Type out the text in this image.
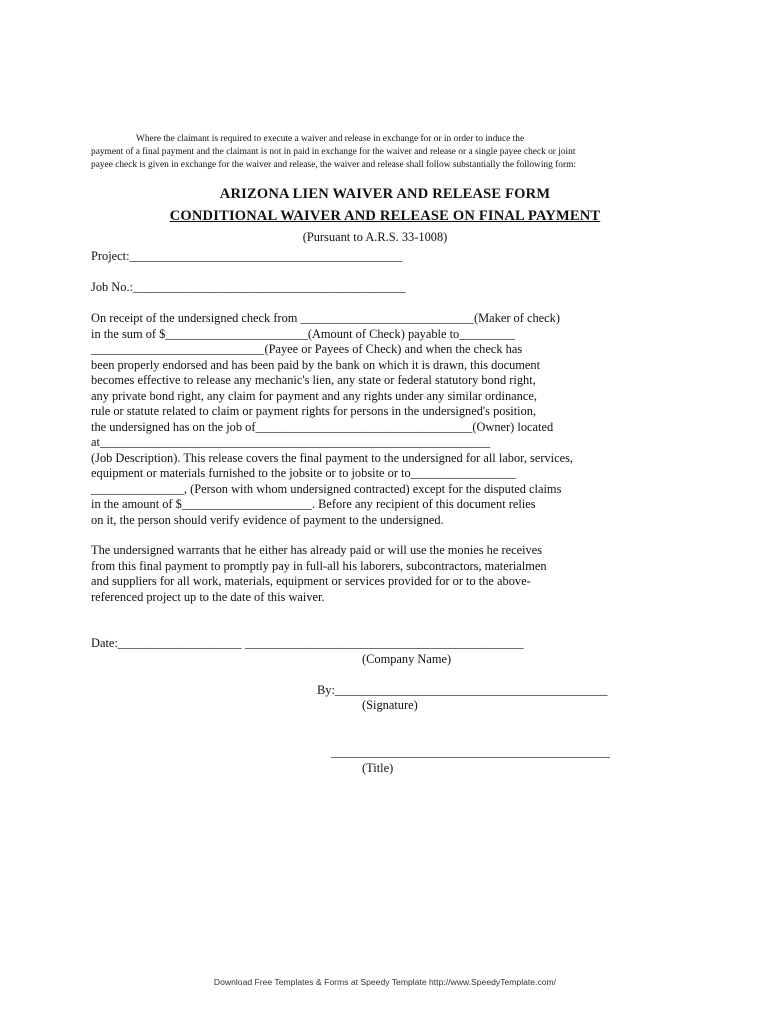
Where the claimant is required to execute a waiver and release in exchange for or in order to induce the
payment of a final payment and the claimant is not in paid in exchange for the waiver and release or a single payee check or joint
payee check is given in exchange for the waiver and release, the waiver and release shall follow substantially the following form:
ARIZONA LIEN WAIVER AND RELEASE FORM
CONDITIONAL WAIVER AND RELEASE ON FINAL PAYMENT
(Pursuant to A.R.S. 33-1008)
Project:____________________________________________
Job No.:____________________________________________
On receipt of the undersigned check from ____________________________(Maker of check)
in the sum of $_______________________(Amount of Check) payable to_________
____________________________(Payee or Payees of Check) and when the check has
been properly endorsed and has been paid by the bank on which it is drawn, this document
becomes effective to release any mechanic's lien, any state or federal statutory bond right,
any private bond right, any claim for payment and any rights under any similar ordinance,
rule or statute related to claim or payment rights for persons in the undersigned's position,
the undersigned has on the job of___________________________________(Owner) located
at_______________________________________________________________
(Job Description). This release covers the final payment to the undersigned for all labor, services,
equipment or materials furnished to the jobsite or to jobsite or to_________________
_______________, (Person with whom undersigned contracted) except for the disputed claims
in the amount of $_____________________. Before any recipient of this document relies
on it, the person should verify evidence of payment to the undersigned.
The undersigned warrants that he either has already paid or will use the monies he receives
from this final payment to promptly pay in full-all his laborers, subcontractors, materialmen
and suppliers for all work, materials, equipment or services provided for or to the above-
referenced project up to the date of this waiver.
Date:____________________ _____________________________________________
(Company Name)
By:____________________________________________
(Signature)
_____________________________________________
(Title)
Download Free Templates & Forms at Speedy Template http://www.SpeedyTemplate.com/
